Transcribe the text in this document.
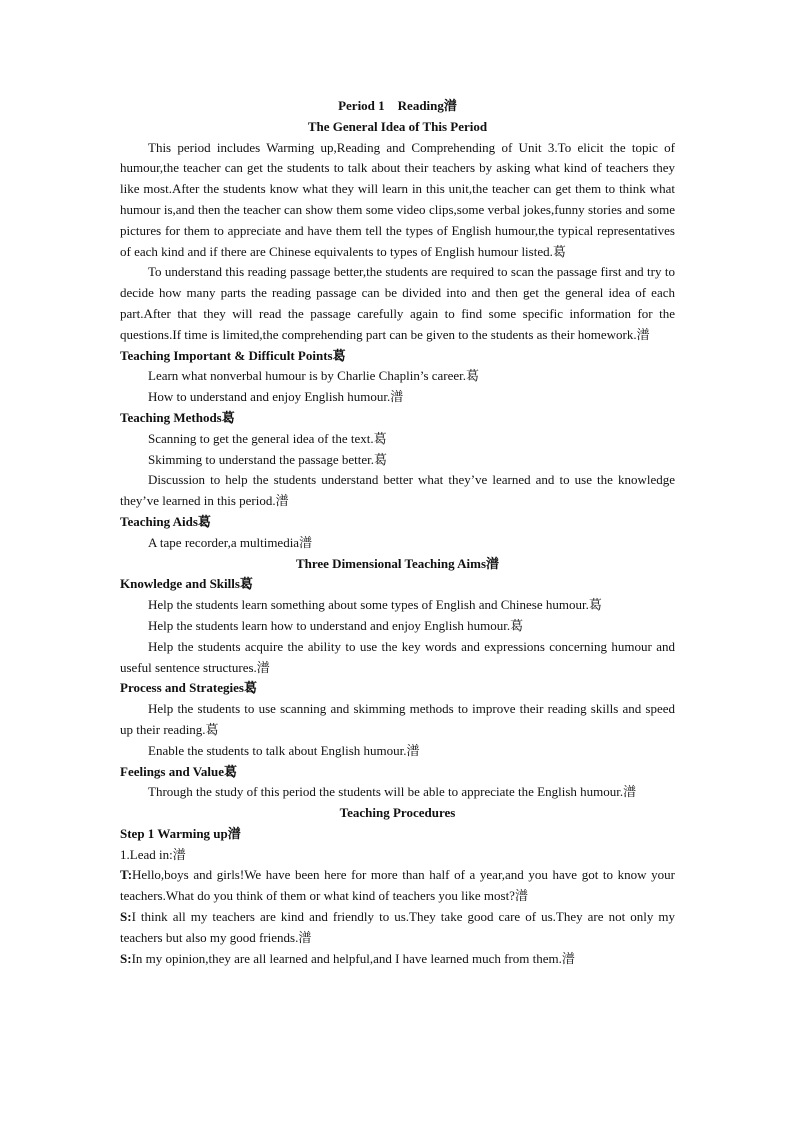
Period 1    Reading潽
The General Idea of This Period
This period includes Warming up,Reading and Comprehending of Unit 3.To elicit the topic of humour,the teacher can get the students to talk about their teachers by asking what kind of teachers they like most.After the students know what they will learn in this unit,the teacher can get them to think what humour is,and then the teacher can show them some video clips,some verbal jokes,funny stories and some pictures for them to appreciate and have them tell the types of English humour,the typical representatives of each kind and if there are Chinese equivalents to types of English humour listed.葛
To understand this reading passage better,the students are required to scan the passage first and try to decide how many parts the reading passage can be divided into and then get the general idea of each part.After that they will read the passage carefully again to find some specific information for the questions.If time is limited,the comprehending part can be given to the students as their homework.潽
Teaching Important & Difficult Points葛
Learn what nonverbal humour is by Charlie Chaplin’s career.葛
How to understand and enjoy English humour.潽
Teaching Methods葛
Scanning to get the general idea of the text.葛
Skimming to understand the passage better.葛
Discussion to help the students understand better what they’ve learned and to use the knowledge they’ve learned in this period.潽
Teaching Aids葛
A tape recorder,a multimedia潽
Three Dimensional Teaching Aims潽
Knowledge and Skills葛
Help the students learn something about some types of English and Chinese humour.葛
Help the students learn how to understand and enjoy English humour.葛
Help the students acquire the ability to use the key words and expressions concerning humour and useful sentence structures.潽
Process and Strategies葛
Help the students to use scanning and skimming methods to improve their reading skills and speed up their reading.葛
Enable the students to talk about English humour.潽
Feelings and Value葛
Through the study of this period the students will be able to appreciate the English humour.潽
Teaching Procedures
Step 1 Warming up潽
1.Lead in:潽
T:Hello,boys and girls!We have been here for more than half of a year,and you have got to know your teachers.What do you think of them or what kind of teachers you like most?潽
S:I think all my teachers are kind and friendly to us.They take good care of us.They are not only my teachers but also my good friends.潽
S:In my opinion,they are all learned and helpful,and I have learned much from them.潽
